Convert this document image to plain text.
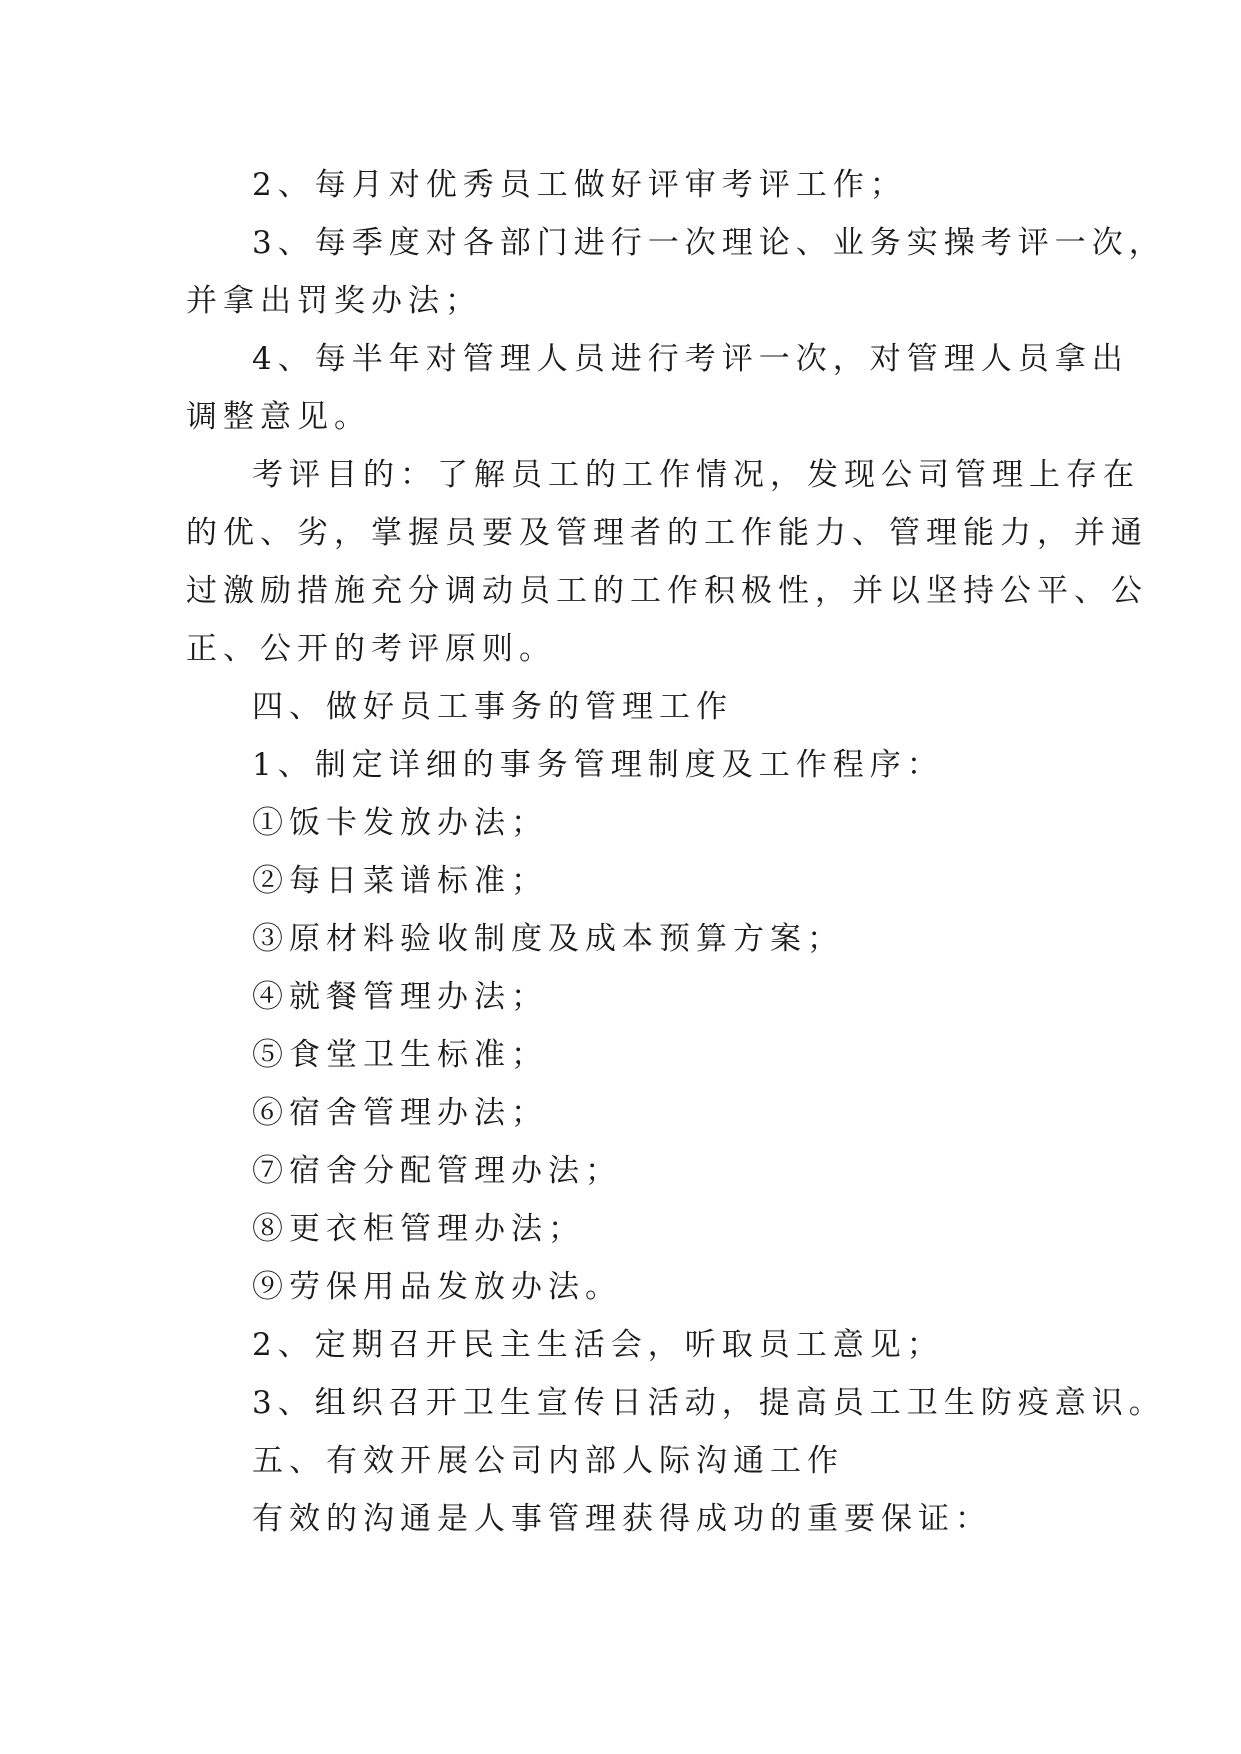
2、每月对优秀员工做好评审考评工作；

3、每季度对各部门进行一次理论、业务实操考评一次，

并拿出罚奖办法；

4、每半年对管理人员进行考评一次，对管理人员拿出

调整意见。

考评目的：了解员工的工作情况，发现公司管理上存在

的优、劣，掌握员要及管理者的工作能力、管理能力，并通

过激励措施充分调动员工的工作积极性，并以坚持公平、公

正、公开的考评原则。

四、做好员工事务的管理工作

1、制定详细的事务管理制度及工作程序：

①饭卡发放办法；

②每日菜谱标准；

③原材料验收制度及成本预算方案；

④就餐管理办法；

⑤食堂卫生标准；

⑥宿舍管理办法；

⑦宿舍分配管理办法；

⑧更衣柜管理办法；

⑨劳保用品发放办法。

2、定期召开民主生活会，听取员工意见；

3、组织召开卫生宣传日活动，提高员工卫生防疫意识。

五、有效开展公司内部人际沟通工作

有效的沟通是人事管理获得成功的重要保证：
